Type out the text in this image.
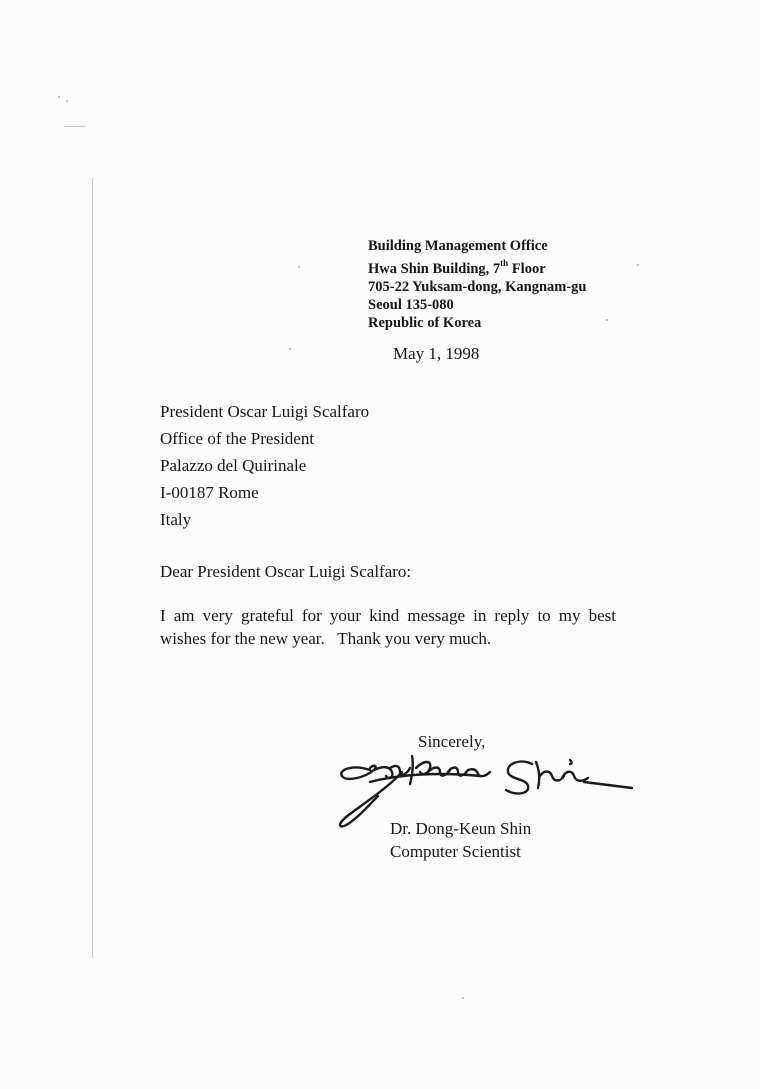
Building Management Office
Hwa Shin Building, 7th Floor
705-22 Yuksam-dong, Kangnam-gu
Seoul 135-080
Republic of Korea
May 1, 1998
President Oscar Luigi Scalfaro
Office of the President
Palazzo del Quirinale
I-00187 Rome
Italy
Dear President Oscar Luigi Scalfaro:
I am very grateful for your kind message in reply to my best
wishes for the new year.   Thank you very much.
Sincerely,
Dr. Dong-Keun Shin
Computer Scientist
